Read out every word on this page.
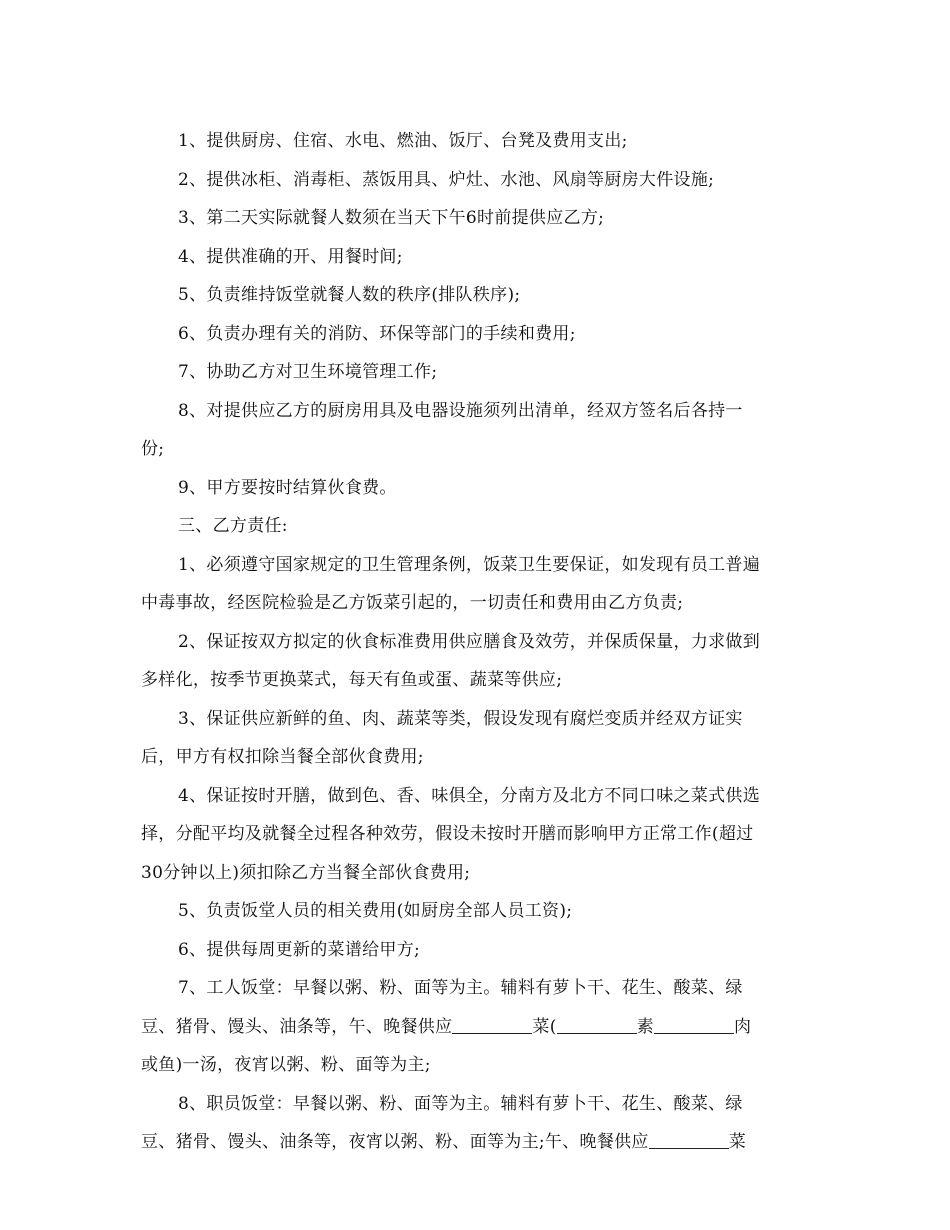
1、提供厨房、住宿、水电、燃油、饭厅、台凳及费用支出;
2、提供冰柜、消毒柜、蒸饭用具、炉灶、水池、风扇等厨房大件设施;
3、第二天实际就餐人数须在当天下午6时前提供应乙方;
4、提供准确的开、用餐时间;
5、负责维持饭堂就餐人数的秩序(排队秩序);
6、负责办理有关的消防、环保等部门的手续和费用;
7、协助乙方对卫生环境管理工作;
8、对提供应乙方的厨房用具及电器设施须列出清单，经双方签名后各持一
份;
9、甲方要按时结算伙食费。
三、乙方责任:
1、必须遵守国家规定的卫生管理条例，饭菜卫生要保证，如发现有员工普遍
中毒事故，经医院检验是乙方饭菜引起的，一切责任和费用由乙方负责;
2、保证按双方拟定的伙食标准费用供应膳食及效劳，并保质保量，力求做到
多样化，按季节更换菜式，每天有鱼或蛋、蔬菜等供应;
3、保证供应新鲜的鱼、肉、蔬菜等类，假设发现有腐烂变质并经双方证实
后，甲方有权扣除当餐全部伙食费用;
4、保证按时开膳，做到色、香、味俱全，分南方及北方不同口味之菜式供选
择，分配平均及就餐全过程各种效劳，假设未按时开膳而影响甲方正常工作(超过
30分钟以上)须扣除乙方当餐全部伙食费用;
5、负责饭堂人员的相关费用(如厨房全部人员工资);
6、提供每周更新的菜谱给甲方;
7、工人饭堂：早餐以粥、粉、面等为主。辅料有萝卜干、花生、酸菜、绿
豆、猪骨、馒头、油条等，午、晚餐供应	菜(	素	肉
或鱼)一汤，夜宵以粥、粉、面等为主;
8、职员饭堂：早餐以粥、粉、面等为主。辅料有萝卜干、花生、酸菜、绿
豆、猪骨、馒头、油条等，夜宵以粥、粉、面等为主;午、晚餐供应	菜
